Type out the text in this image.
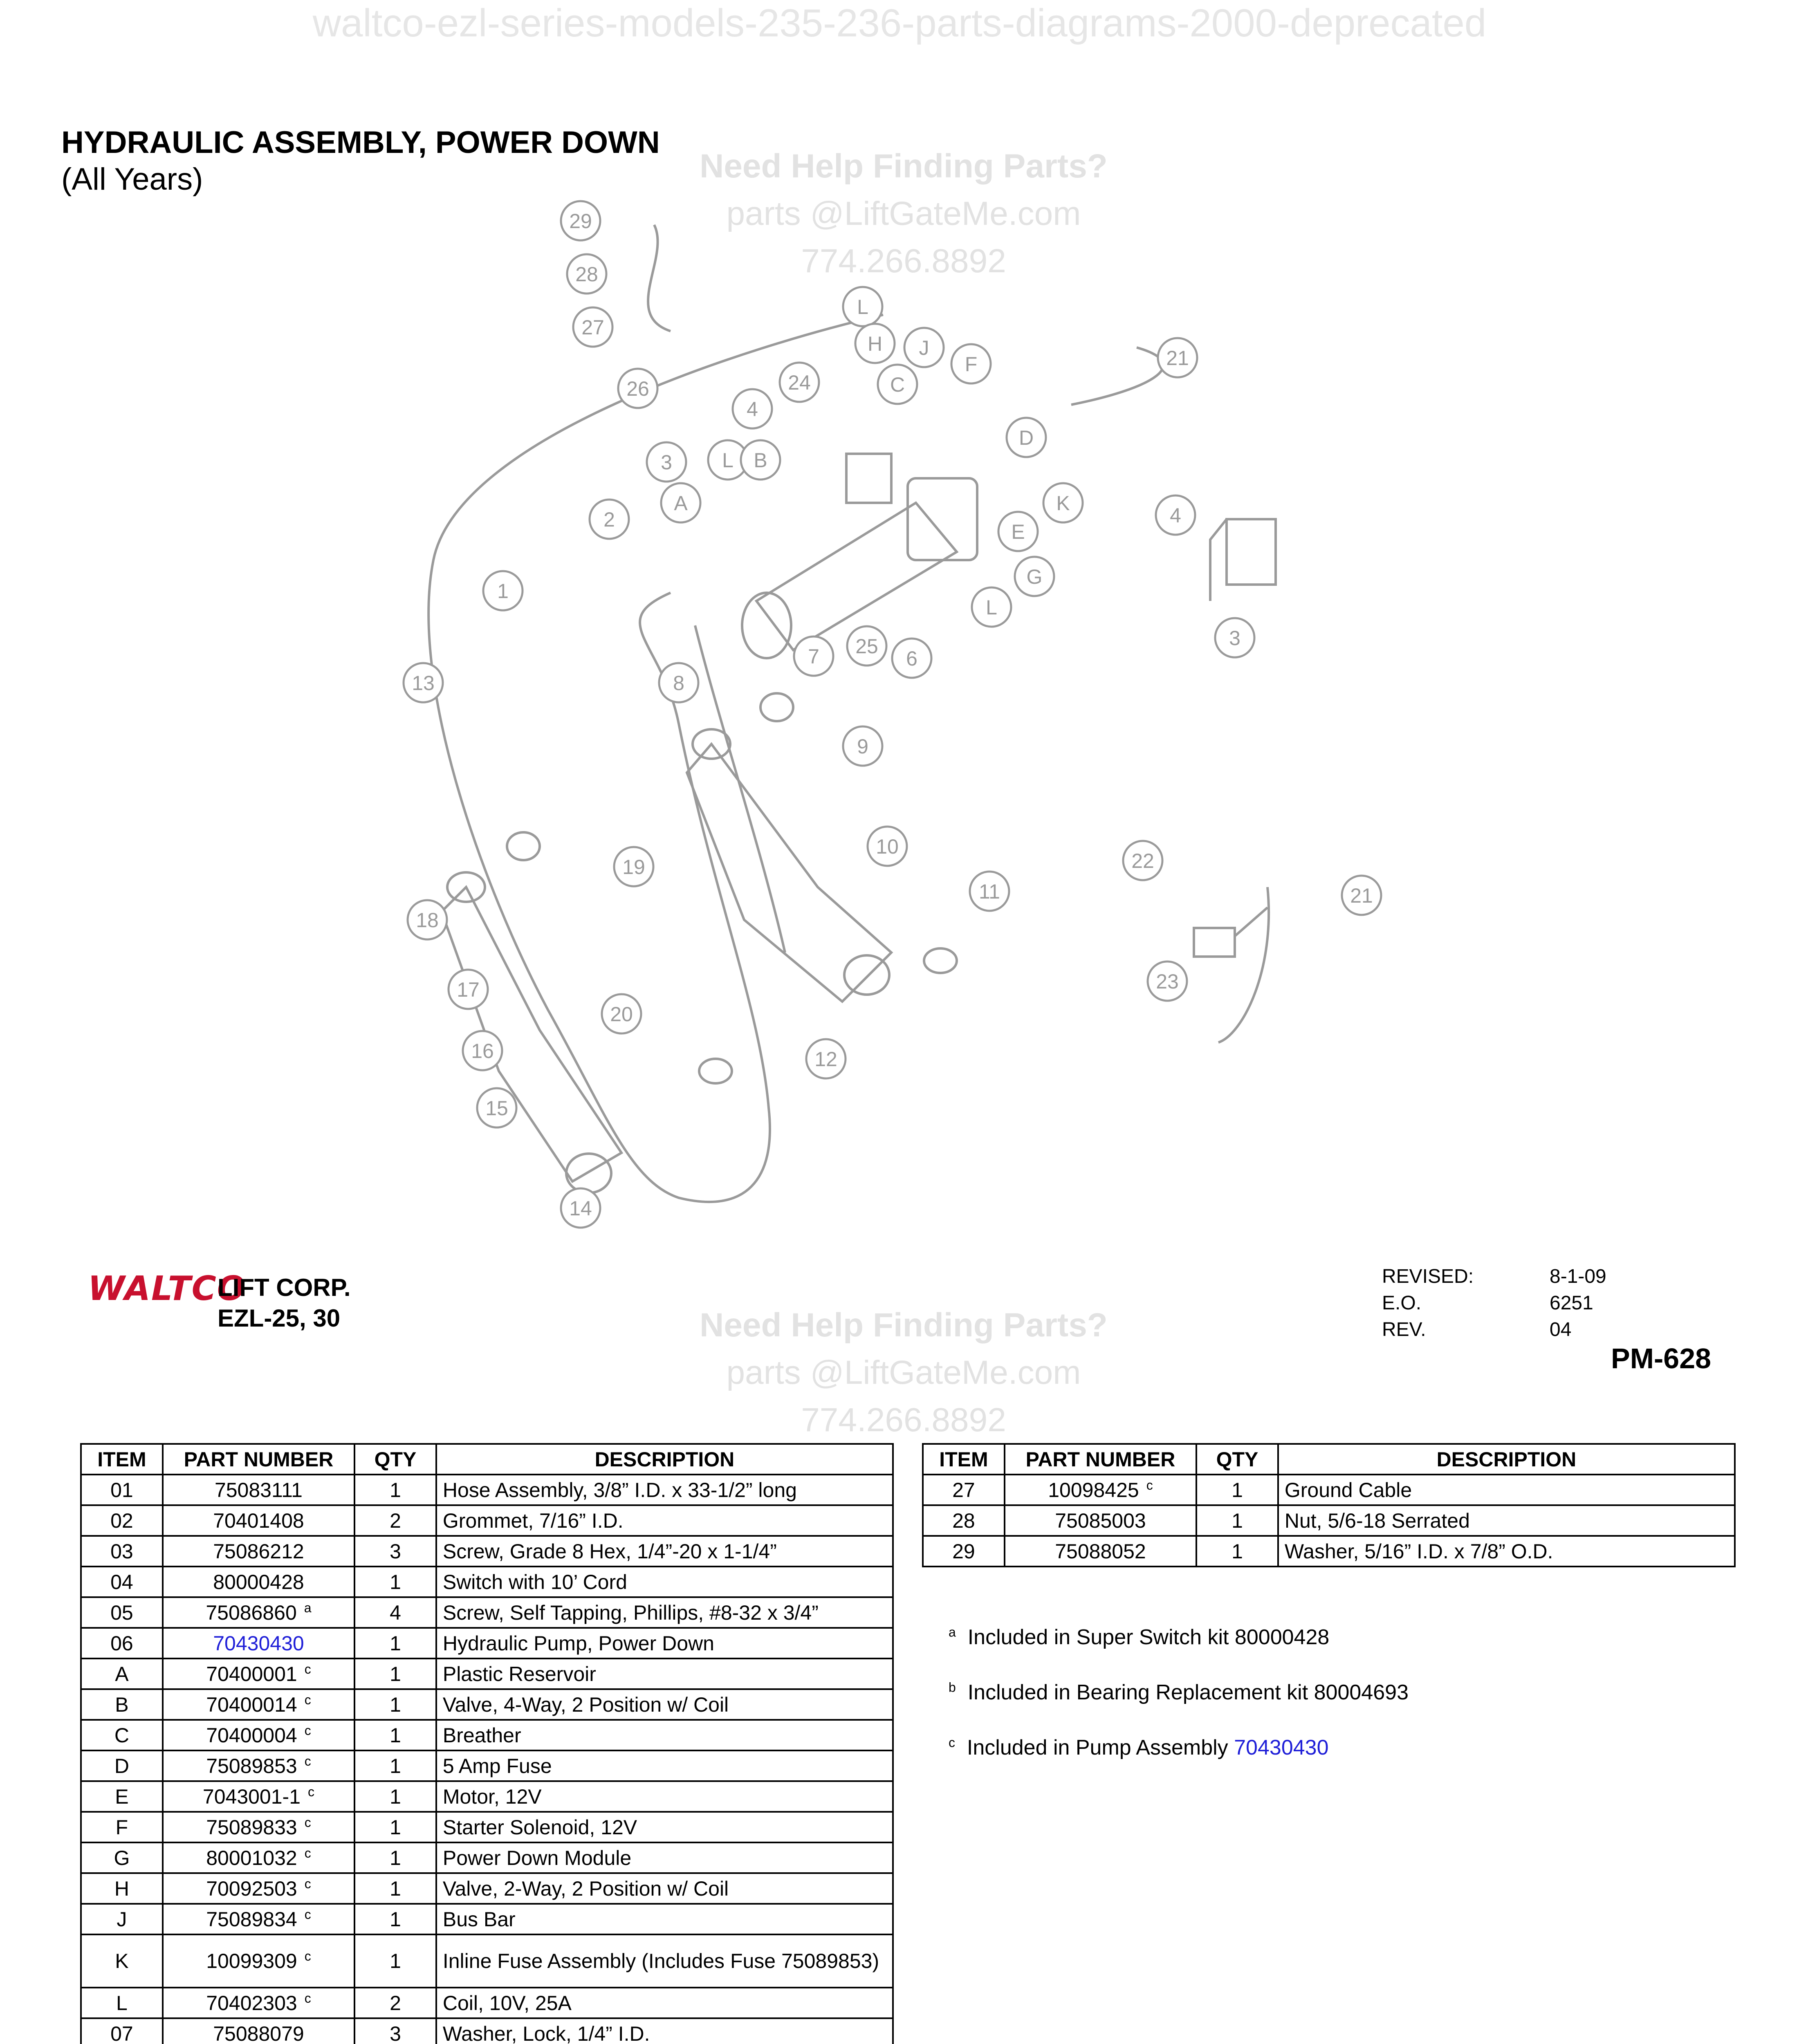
waltco-ezl-series-models-235-236-parts-diagrams-2000-deprecated
HYDRAULIC ASSEMBLY, POWER DOWN
(All Years)	Need Help Finding Parts?
parts @LiftGateMe.com
774.266.8892
29
28
27
26	24
21
1
2
3
4
4
3
13	8
7 25
6
9
10
11
12
19
18
17
16
15
20
14
22
21
23
A
L B
L
H J
C
F
D
K
E
G
L
WALTCO
LIFT CORP.
EZL-25, 30
REVISED:	8-1-09
E.O.	6251
REV.	04
PM-628
Need Help Finding Parts?
parts @LiftGateMe.com
774.266.8892
ITEM	PART NUMBER	QTY	DESCRIPTION
01	75083111	1	Hose Assembly, 3/8” I.D. x 33-1/2” long
02	70401408	2	Grommet, 7/16” I.D.
03	75086212	3	Screw, Grade 8 Hex, 1/4”-20 x 1-1/4”
04	80000428	1	Switch with 10’ Cord
05	75086860 $^a$	4	Screw, Self Tapping, Phillips, #8-32 x 3/4”
06	70430430	1	Hydraulic Pump, Power Down
A	70400001 $^c$	1	Plastic Reservoir
B	70400014 $^c$	1	Valve, 4-Way, 2 Position w/ Coil
C	70400004 $^c$	1	Breather
D	75089853 $^c$	1	5 Amp Fuse
E	7043001-1 $^c$	1	Motor, 12V
F	75089833 $^c$	1	Starter Solenoid, 12V
G	80001032 $^c$	1	Power Down Module
H	70092503 $^c$	1	Valve, 2-Way, 2 Position w/ Coil
J	75089834 $^c$	1	Bus Bar
K	10099309 $^c$	1	Inline Fuse Assembly (Includes Fuse 75089853)
L	70402303 $^c$	2	Coil, 10V, 25A
07	75088079	3	Washer, Lock, 1/4” I.D.

ITEM	PART NUMBER	QTY	DESCRIPTION
27	10098425 $^c$	1	Ground Cable
28	75085003	1	Nut, 5/6-18 Serrated
29	75088052	1	Washer, 5/16” I.D. x 7/8” O.D.
$^a$ Included in Super Switch kit 80000428
$^b$ Included in Bearing Replacement kit 80004693
$^c$ Included in Pump Assembly 70430430
